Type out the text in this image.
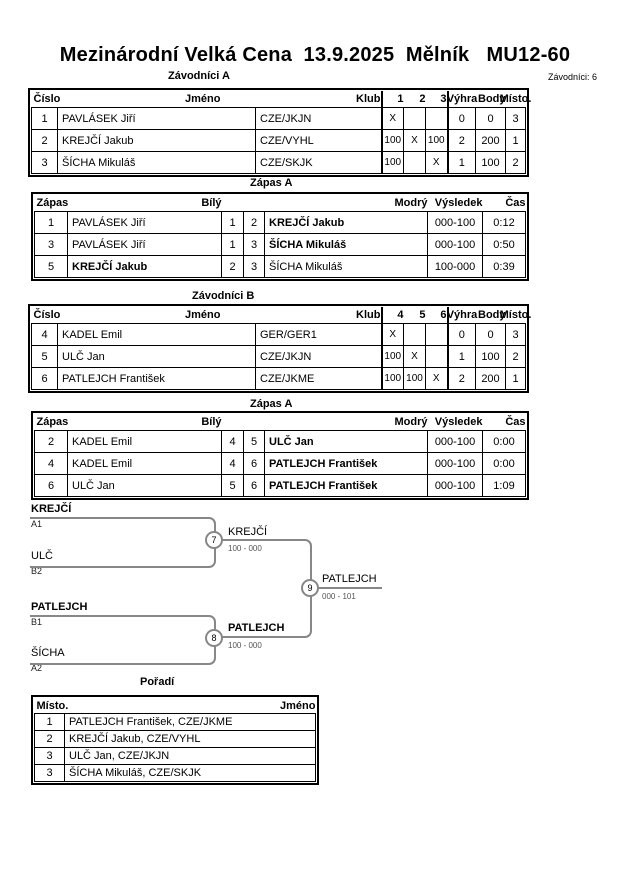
Mezinárodní Velká Cena  13.9.2025  Mělník   MU12-60
Závodníci A	Závodníci: 6
Číslo	Jméno	Klub	1	2	3	Výhra	Body	Místo.
1	PAVLÁSEK Jiří	CZE/JKJN	X			0	0	3
2	KREJČÍ Jakub	CZE/VYHL	100	X	100	2	200	1
3	ŠÍCHA Mikuláš	CZE/SKJK	100		X	1	100	2
Zápas A
Zápas	Bílý			Modrý	Výsledek	Čas
1	PAVLÁSEK Jiří	1	2	KREJČÍ Jakub	000-100	0:12
3	PAVLÁSEK Jiří	1	3	ŠÍCHA Mikuláš	000-100	0:50
5	KREJČÍ Jakub	2	3	ŠÍCHA Mikuláš	100-000	0:39
Závodníci B
Číslo	Jméno	Klub	4	5	6	Výhra	Body	Místo.
4	KADEL Emil	GER/GER1	X			0	0	3
5	ULČ Jan	CZE/JKJN	100	X		1	100	2
6	PATLEJCH František	CZE/JKME	100	100	X	2	200	1
Zápas A
Zápas	Bílý			Modrý	Výsledek	Čas
2	KADEL Emil	4	5	ULČ Jan	000-100	0:00
4	KADEL Emil	4	6	PATLEJCH František	000-100	0:00
6	ULČ Jan	5	6	PATLEJCH František	000-100	1:09
KREJČÍ
A1
ULČ
B2
PATLEJCH
B1
ŠÍCHA
A2
7
8
9
KREJČÍ
100 - 000
PATLEJCH
100 - 000
PATLEJCH
000 - 101
Pořadí
Místo.	Jméno
1	PATLEJCH František, CZE/JKME
2	KREJČÍ Jakub, CZE/VYHL
3	ULČ Jan, CZE/JKJN
3	ŠÍCHA Mikuláš, CZE/SKJK
